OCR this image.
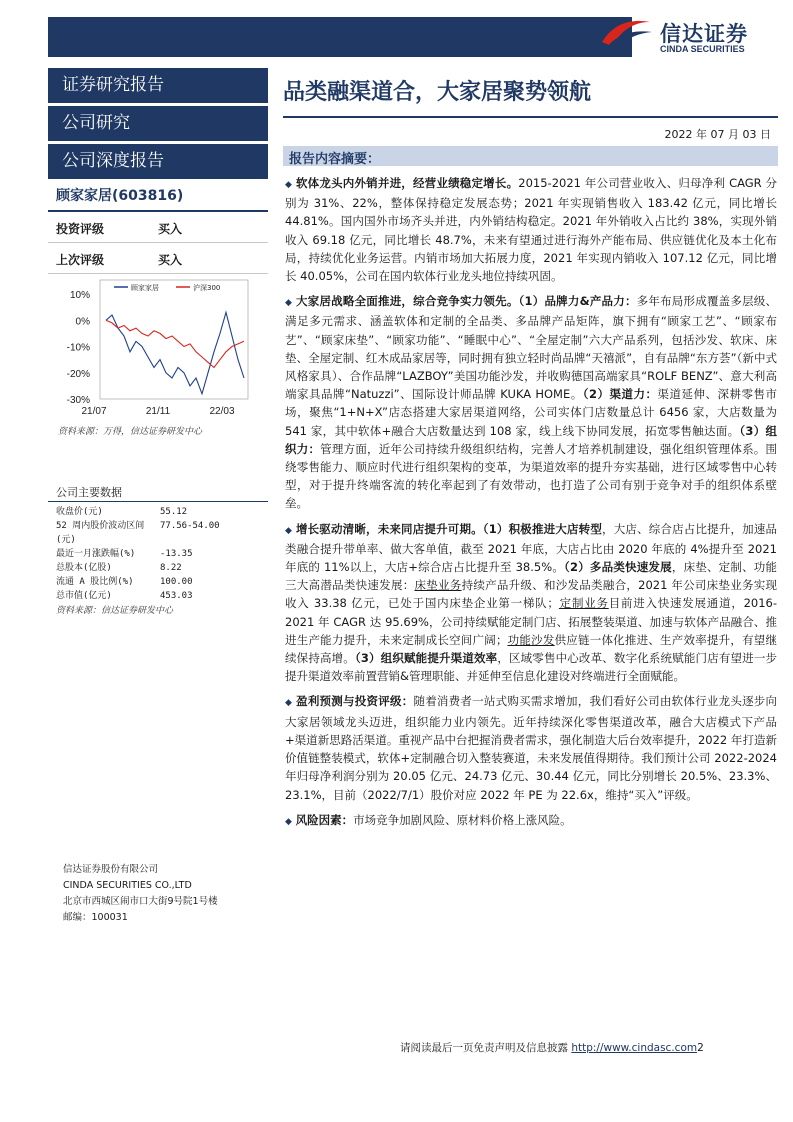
信达证券
CINDA SECURITIES
证券研究报告
公司研究
公司深度报告
顾家家居(603816)
投资评级	买入
上次评级	买入
10%
0%
-10%
-20%
-30%
21/07	21/11	22/03
顾家家居	沪深300
资料来源：万得，信达证券研发中心
公司主要数据
收盘价(元)	55.12
52 周内股价波动区间 77.56-54.00
(元)
最近一月涨跌幅(%)	-13.35
总股本(亿股)	8.22
流通 A 股比例(%)	100.00
总市值(亿元)	453.03
资料来源：信达证券研发中心
信达证券股份有限公司
CINDA SECURITIES CO.,LTD
北京市西城区闹市口大街9号院1号楼
邮编：100031
品类融渠道合，大家居聚势领航
2022 年 07 月 03 日
报告内容摘要：

◆ 软体龙头内外销并进，经营业绩稳定增长。2015-2021 年公司营业收入、归母净利 CAGR 分别为 31%、22%，整体保持稳定发展态势；2021 年实现销售收入 183.42 亿元，同比增长 44.81%。国内国外市场齐头并进，内外销结构稳定。2021 年外销收入占比约 38%，实现外销收入 69.18 亿元，同比增长 48.7%，未来有望通过进行海外产能布局、供应链优化及本土化布局，持续优化业务运营。内销市场加大拓展力度，2021 年实现内销收入 107.12 亿元，同比增长 40.05%，公司在国内软体行业龙头地位持续巩固。

◆ 大家居战略全面推进，综合竞争实力领先。（1）品牌力&产品力：多年布局形成覆盖多层级、满足多元需求、涵盖软体和定制的全品类、多品牌产品矩阵，旗下拥有“顾家工艺”、“顾家布艺”、“顾家床垫”、“顾家功能”、“睡眠中心”、“全屋定制”六大产品系列，包括沙发、软床、床垫、全屋定制、红木成品家居等，同时拥有独立轻时尚品牌“天禧派”，自有品牌“东方荟”（新中式风格家具）、合作品牌“LAZBOY”美国功能沙发，并收购德国高端家具“ROLF BENZ”、意大利高端家具品牌“Natuzzi”、国际设计师品牌 KUKA HOME。（2）渠道力：渠道延伸、深耕零售市场，聚焦“1+N+X”店态搭建大家居渠道网络，公司实体门店数量总计 6456 家，大店数量为 541 家，其中软体+融合大店数量达到 108 家，线上线下协同发展，拓宽零售触达面。（3）组织力：管理方面，近年公司持续升级组织结构，完善人才培养机制建设，强化组织管理体系。围绕零售能力、顺应时代进行组织架构的变革，为渠道效率的提升夯实基础，进行区域零售中心转型，对于提升终端客流的转化率起到了有效带动，也打造了公司有别于竞争对手的组织体系壁垒。

◆ 增长驱动清晰，未来同店提升可期。（1）积极推进大店转型，大店、综合店占比提升，加速品类融合提升带单率、做大客单值，截至 2021 年底，大店占比由 2020 年底的 4%提升至 2021 年底的 11%以上，大店+综合店占比提升至 38.5%。（2）多品类快速发展，床垫、定制、功能三大高潜品类快速发展：床垫业务持续产品升级、和沙发品类融合，2021 年公司床垫业务实现收入 33.38 亿元，已处于国内床垫企业第一梯队；定制业务目前进入快速发展通道，2016-2021 年 CAGR 达 95.69%，公司持续赋能定制门店、拓展整装渠道、加速与软体产品融合、推进生产能力提升，未来定制成长空间广阔；功能沙发供应链一体化推进、生产效率提升，有望继续保持高增。（3）组织赋能提升渠道效率，区域零售中心改革、数字化系统赋能门店有望进一步提升渠道效率前置营销&管理职能、并延伸至信息化建设对终端进行全面赋能。

◆ 盈利预测与投资评级：随着消费者一站式购买需求增加，我们看好公司由软体行业龙头逐步向大家居领域龙头迈进，组织能力业内领先。近年持续深化零售渠道改革，融合大店模式下产品+渠道新思路活渠道。重视产品中台把握消费者需求，强化制造大后台效率提升，2022 年打造新价值链整装模式，软体+定制融合切入整装赛道，未来发展值得期待。我们预计公司 2022-2024 年归母净利润分别为 20.05 亿元、24.73 亿元、30.44 亿元，同比分别增长 20.5%、23.3%、23.1%，目前（2022/7/1）股价对应 2022 年 PE 为 22.6x，维持“买入”评级。

◆ 风险因素：市场竞争加剧风险、原材料价格上涨风险。

请阅读最后一页免责声明及信息披露 http://www.cindasc.com2
